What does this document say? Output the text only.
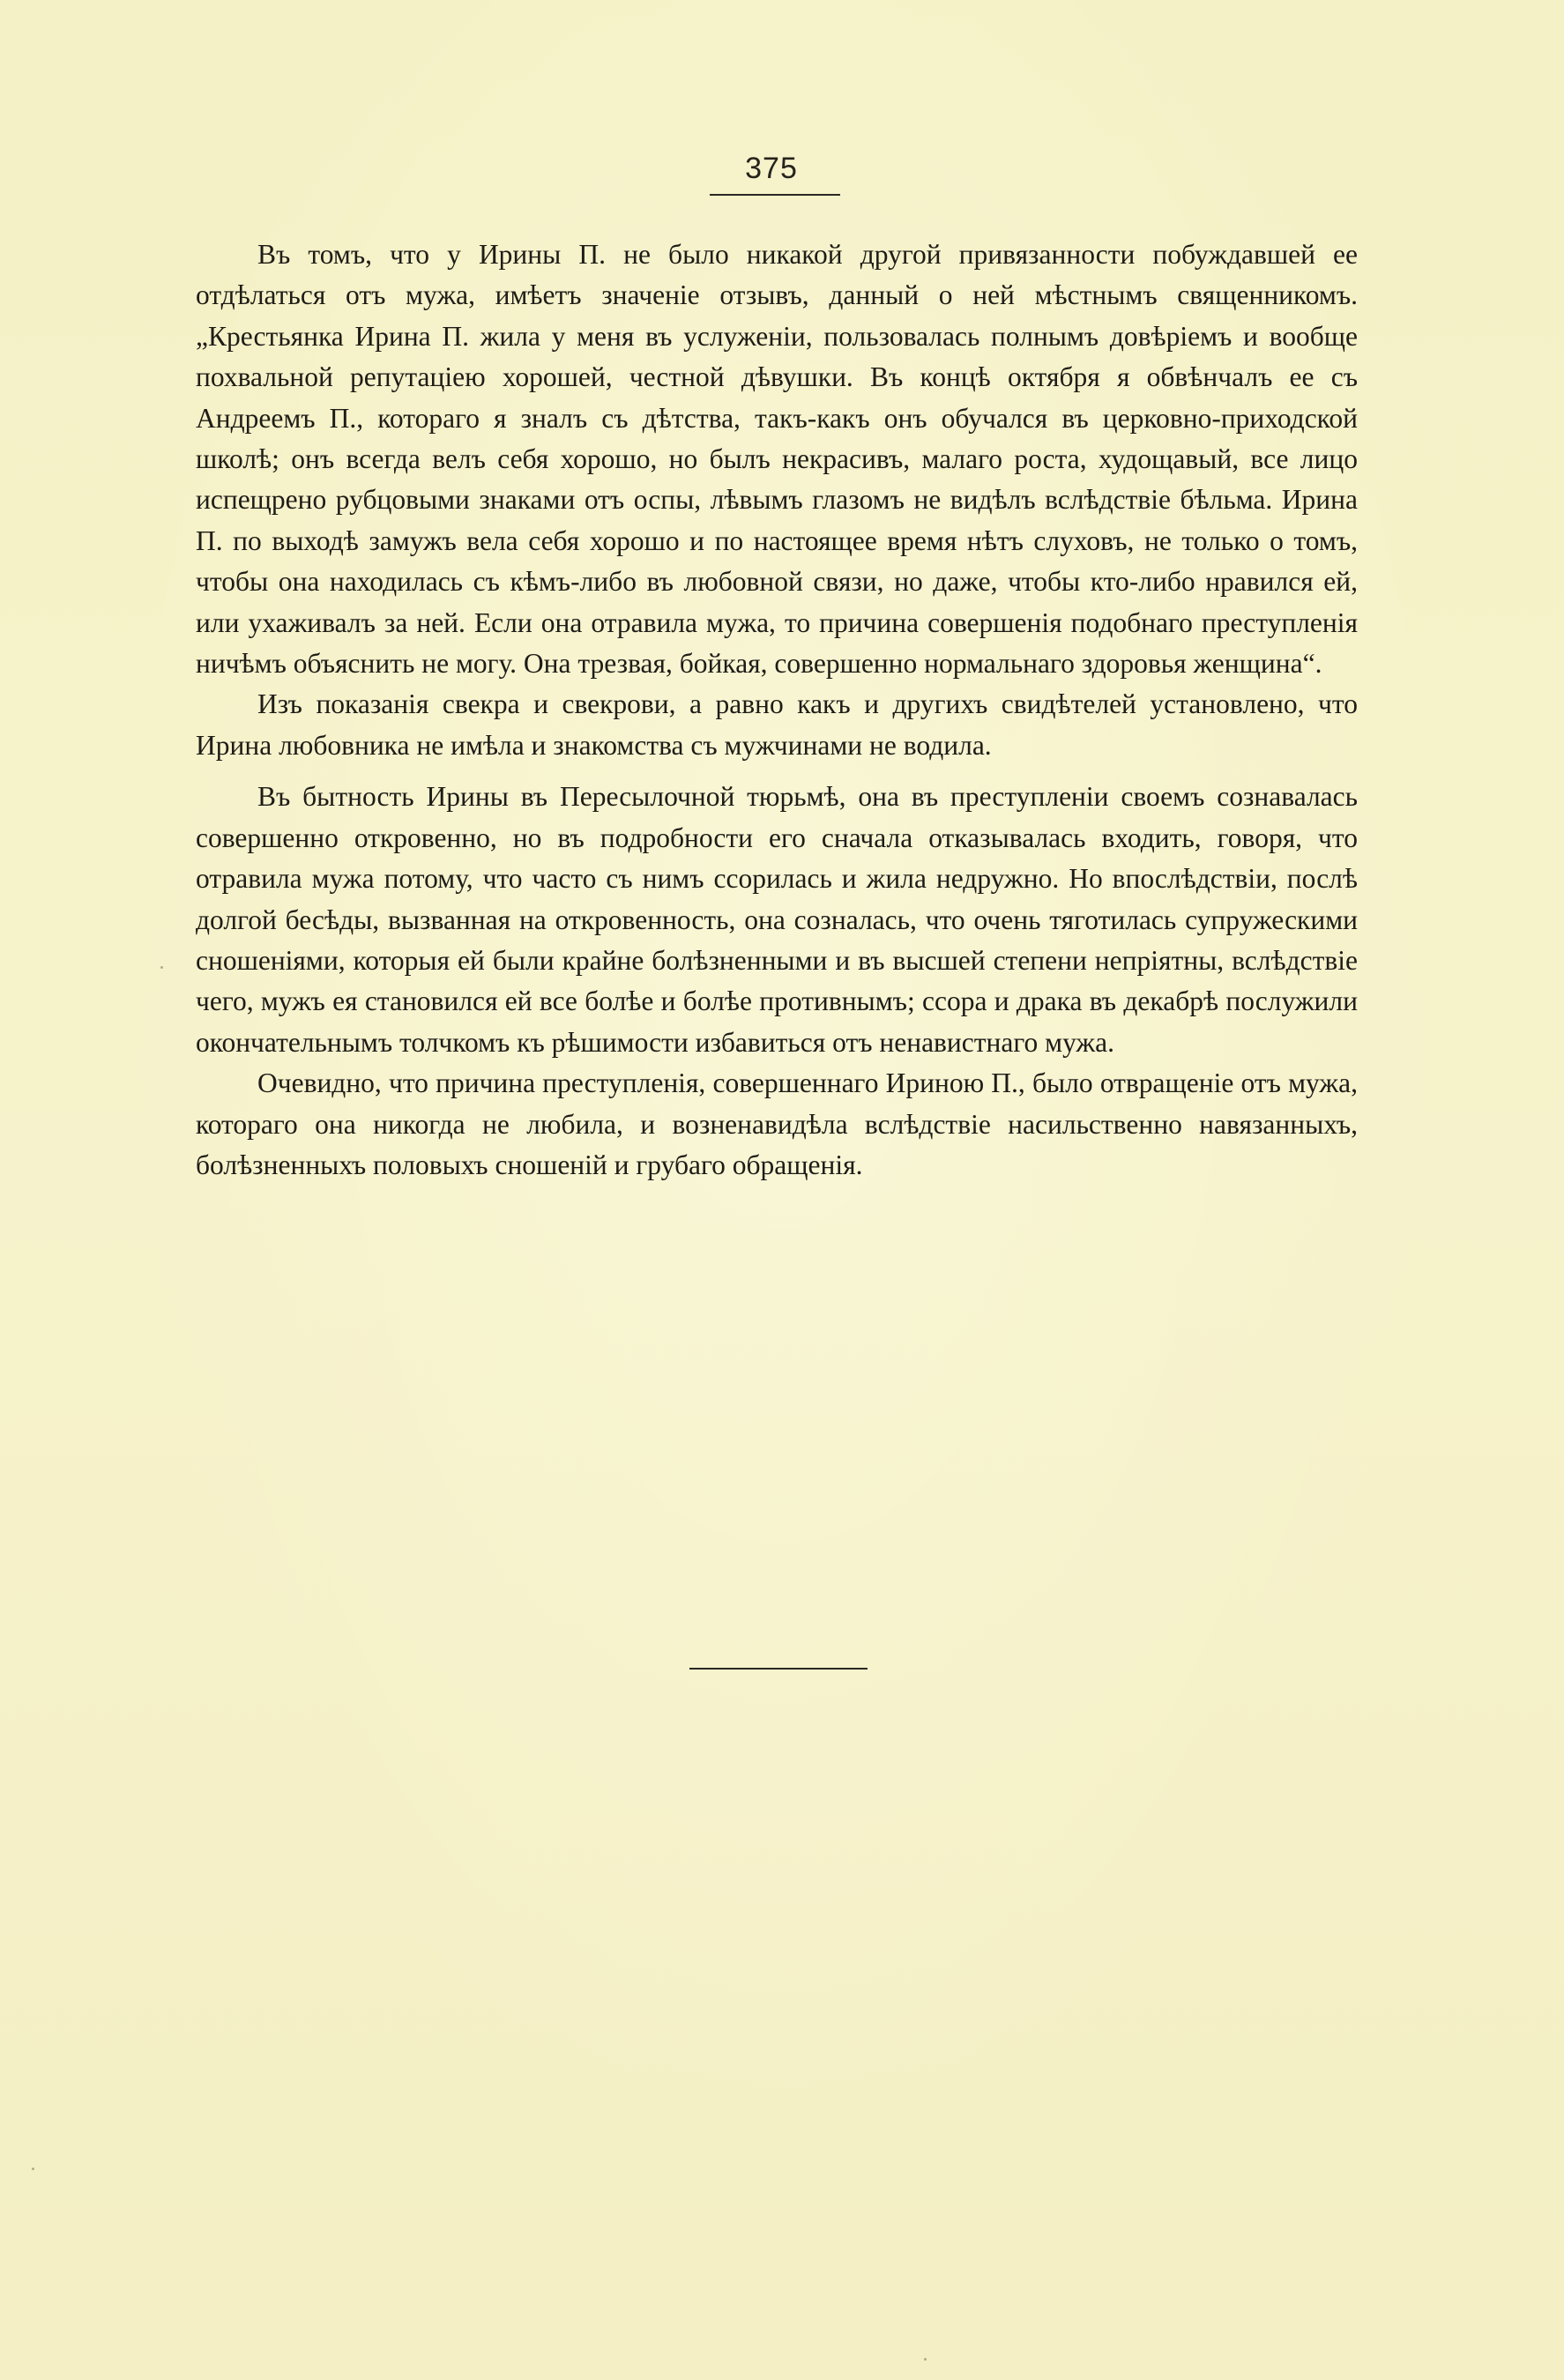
375

Въ томъ, что у Ирины П. не было никакой другой привязанности побуждавшей ее отдѣлаться отъ мужа, имѣетъ значеніе отзывъ, данный о ней мѣстнымъ священникомъ. „Крестьянка Ирина П. жила у меня въ услуженіи, пользовалась полнымъ довѣріемъ и вообще похвальной репутаціею хорошей, честной дѣвушки. Въ концѣ октября я обвѣнчалъ ее съ Андреемъ П., котораго я зналъ съ дѣтства, такъ-какъ онъ обучался въ церковно-приходской школѣ; онъ всегда велъ себя хорошо, но былъ некрасивъ, малаго роста, худощавый, все лицо испещрено рубцовыми знаками отъ оспы, лѣвымъ глазомъ не видѣлъ вслѣдствіе бѣльма. Ирина П. по выходѣ замужъ вела себя хорошо и по настоящее время нѣтъ слуховъ, не только о томъ, чтобы она находилась съ кѣмъ-либо въ любовной связи, но даже, чтобы кто-либо нравился ей, или ухаживалъ за ней. Если она отравила мужа, то причина совершенія подобнаго преступленія ничѣмъ объяснить не могу. Она трезвая, бойкая, совершенно нормальнаго здоровья женщина“.

Изъ показанія свекра и свекрови, а равно какъ и другихъ свидѣтелей установлено, что Ирина любовника не имѣла и знакомства съ мужчинами не водила.

Въ бытность Ирины въ Пересылочной тюрьмѣ, она въ преступленіи своемъ сознавалась совершенно откровенно, но въ подробности его сначала отказывалась входить, говоря, что отравила мужа потому, что часто съ нимъ ссорилась и жила недружно. Но впослѣдствіи, послѣ долгой бесѣды, вызванная на откровенность, она созналась, что очень тяготилась супружескими сношеніями, которыя ей были крайне болѣзненными и въ высшей степени непріятны, вслѣдствіе чего, мужъ ея становился ей все болѣе и болѣе противнымъ; ссора и драка въ декабрѣ послужили окончательнымъ толчкомъ къ рѣшимости избавиться отъ ненавистнаго мужа.

Очевидно, что причина преступленія, совершеннаго Ириною П., было отвращеніе отъ мужа, котораго она никогда не любила, и возненавидѣла вслѣдствіе насильственно навязанныхъ, болѣзненныхъ половыхъ сношеній и грубаго обращенія.
